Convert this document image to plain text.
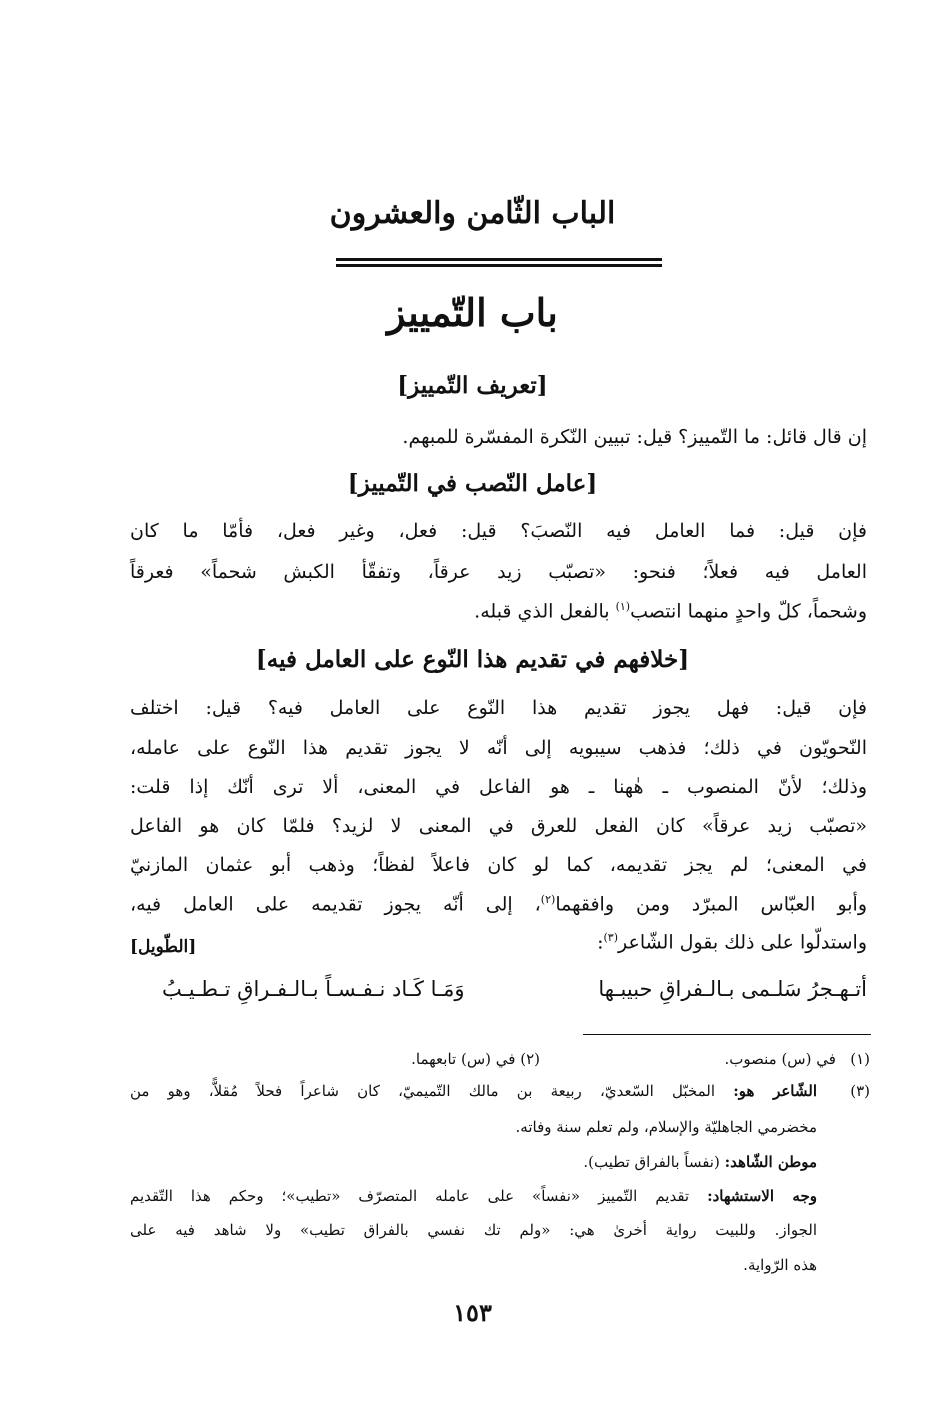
الباب الثّامن والعشرون
باب التّمييز
[تعريف التّمييز]
إن قال قائل: ما التّمييز؟ قيل: تبيين النّكرة المفسّرة للمبهم.
[عامل النّصب في التّمييز]
فإن قيل: فما العامل فيه النّصبَ؟ قيل: فعل، وغير فعل، فأمّا ما كان
العامل فيه فعلاً؛ فنحو: «تصبّب زيد عرقاً، وتفقّأ الكبش شحماً» فعرقاً
وشحماً، كلّ واحدٍ منهما انتصب$^{(١)}$ بالفعل الذي قبله.
[خلافهم في تقديم هذا النّوع على العامل فيه]
فإن قيل: فهل يجوز تقديم هذا النّوع على العامل فيه؟ قيل: اختلف
النّحويّون في ذلك؛ فذهب سيبويه إلى أنّه لا يجوز تقديم هذا النّوع على عامله،
وذلك؛ لأنّ المنصوب ـ هٰهنا ـ هو الفاعل في المعنى، ألا ترى أنّك إذا قلت:
«تصبّب زيد عرقاً» كان الفعل للعرق في المعنى لا لزيد؟ فلمّا كان هو الفاعل
في المعنى؛ لم يجز تقديمه، كما لو كان فاعلاً لفظاً؛ وذهب أبو عثمان المازنيّ
وأبو العبّاس المبرّد ومن وافقهما$^{(٢)}$، إلى أنّه يجوز تقديمه على العامل فيه،
واستدلّوا على ذلك بقول الشّاعر$^{(٣)}$:
[الطّويل]
أتـهـجرُ سَلـمى بـالـفراقِ حبيبـها
وَمَـا كَـاد نـفـسـاً بـالـفـراقِ تـطـيـبُ
(١)   في (س) منصوب.
(٢) في (س) تابعهما.
(٣)
الشّاعر هو: المخبّل السّعديّ، ربيعة بن مالك التّميميّ، كان شاعراً فحلاً مُقلاًّ، وهو من
مخضرمي الجاهليّة والإسلام، ولم تعلم سنة وفاته.
موطن الشّاهد: (نفساً بالفراق تطيب).
وجه الاستشهاد: تقديم التّمييز «نفساً» على عامله المتصرّف «تطيب»؛ وحكم هذا التّقديم
الجواز. وللبيت رواية أخرىٰ هي: «ولم تك نفسي بالفراق تطيب» ولا شاهد فيه على
هذه الرّواية.
١٥٣
